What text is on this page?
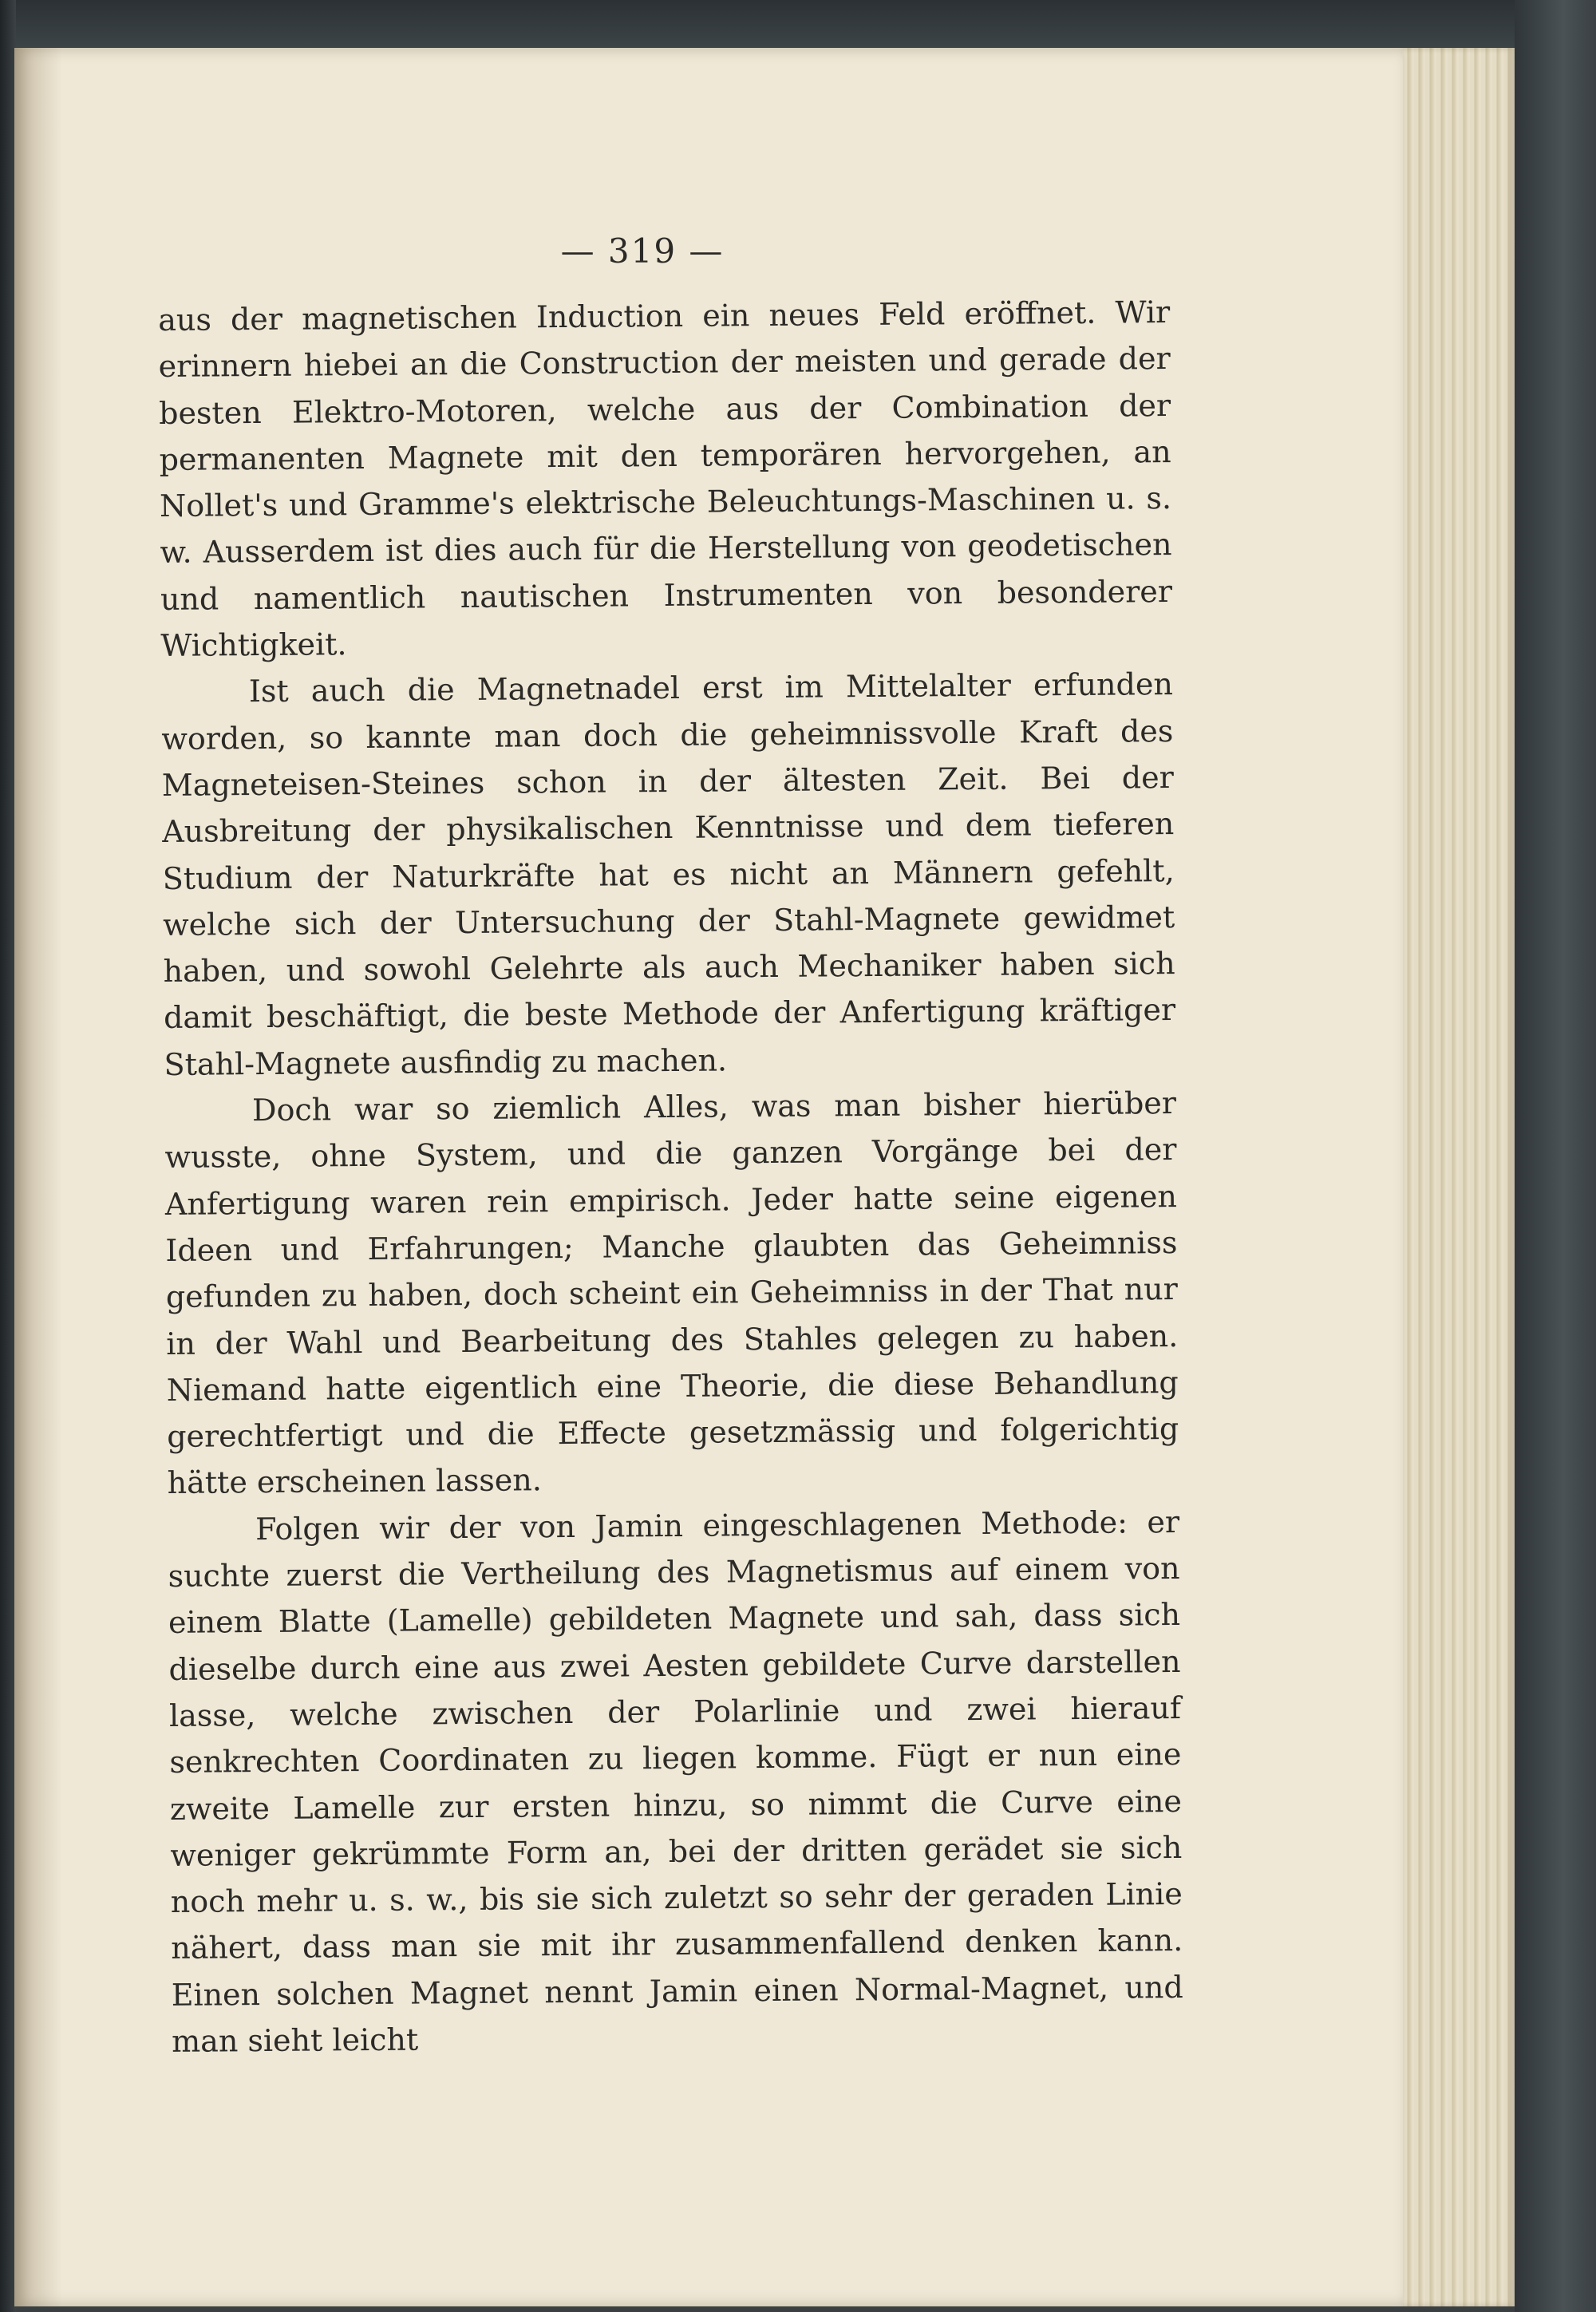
— 319 —

aus der magnetischen Induction ein neues Feld eröffnet. Wir erinnern hiebei an die Construction der meisten und gerade der besten Elektro-Motoren, welche aus der Combination der permanenten Magnete mit den temporären hervorgehen, an Nollet's und Gramme's elektrische Beleuchtungs-Maschinen u. s. w. Ausserdem ist dies auch für die Herstellung von geodetischen und namentlich nautischen Instrumenten von besonderer Wichtigkeit.

Ist auch die Magnetnadel erst im Mittelalter erfunden worden, so kannte man doch die geheimnissvolle Kraft des Magneteisen-Steines schon in der ältesten Zeit. Bei der Ausbreitung der physikalischen Kenntnisse und dem tieferen Studium der Naturkräfte hat es nicht an Männern gefehlt, welche sich der Untersuchung der Stahl-Magnete gewidmet haben, und sowohl Gelehrte als auch Mechaniker haben sich damit beschäftigt, die beste Methode der Anfertigung kräftiger Stahl-Magnete ausfindig zu machen.

Doch war so ziemlich Alles, was man bisher hierüber wusste, ohne System, und die ganzen Vorgänge bei der Anfertigung waren rein empirisch. Jeder hatte seine eigenen Ideen und Erfahrungen; Manche glaubten das Geheimniss gefunden zu haben, doch scheint ein Geheimniss in der That nur in der Wahl und Bearbeitung des Stahles gelegen zu haben. Niemand hatte eigentlich eine Theorie, die diese Behandlung gerechtfertigt und die Effecte gesetzmässig und folgerichtig hätte erscheinen lassen.

Folgen wir der von Jamin eingeschlagenen Methode: er suchte zuerst die Vertheilung des Magnetismus auf einem von einem Blatte (Lamelle) gebildeten Magnete und sah, dass sich dieselbe durch eine aus zwei Aesten gebildete Curve darstellen lasse, welche zwischen der Polarlinie und zwei hierauf senkrechten Coordinaten zu liegen komme. Fügt er nun eine zweite Lamelle zur ersten hinzu, so nimmt die Curve eine weniger gekrümmte Form an, bei der dritten gerädet sie sich noch mehr u. s. w., bis sie sich zuletzt so sehr der geraden Linie nähert, dass man sie mit ihr zusammenfallend denken kann. Einen solchen Magnet nennt Jamin einen Normal-Magnet, und man sieht leicht
